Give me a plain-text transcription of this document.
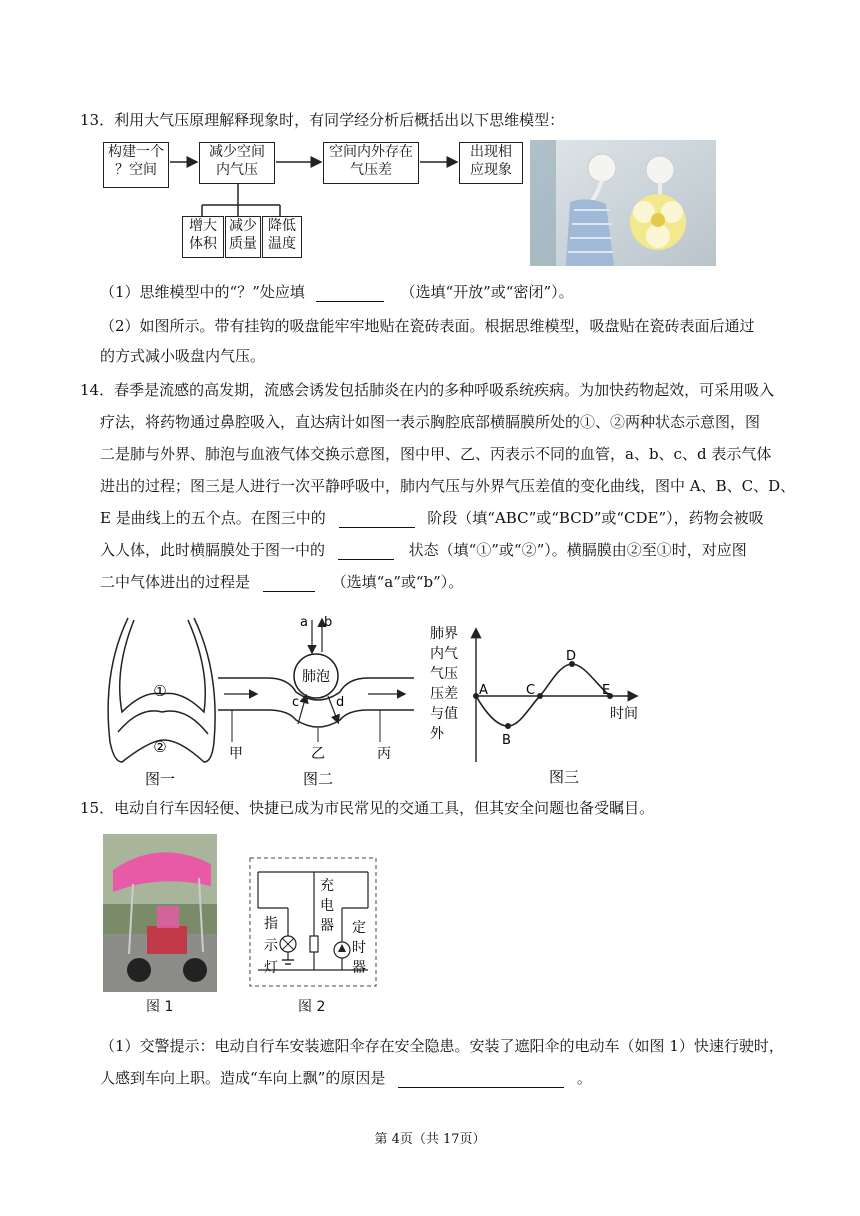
13．利用大气压原理解释现象时，有同学经分析后概括出以下思维模型：
构建一个
？空间
减少空间
内气压
空间内外存在
气压差
出现相
应现象
增大
体积
减少
质量
降低
温度
（1）思维模型中的“？”处应填	（选填“开放”或“密闭”）。
（2）如图所示。带有挂钩的吸盘能牢牢地贴在瓷砖表面。根据思维模型，吸盘贴在瓷砖表面后通过
的方式减小吸盘内气压。
14．春季是流感的高发期，流感会诱发包括肺炎在内的多种呼吸系统疾病。为加快药物起效，可采用吸入
疗法，将药物通过鼻腔吸入，直达病计如图一表示胸腔底部横膈膜所处的①、②两种状态示意图，图
二是肺与外界、肺泡与血液气体交换示意图，图中甲、乙、丙表示不同的血管，a、b、c、d 表示气体
进出的过程；图三是人进行一次平静呼吸中，肺内气压与外界气压差值的变化曲线，图中 A、B、C、D、
E 是曲线上的五个点。在图三中的	阶段（填“ABC”或“BCD”或“CDE”），药物会被吸
入人体，此时横膈膜处于图一中的	状态（填“①”或“②”）。横膈膜由②至①时，对应图
二中气体进出的过程是	（选填“a”或“b”）。
①
②
图一
肺泡
a b
c	d
甲	乙	丙
图二
肺界
内气
气压
压差
与值
外
A
B
C
D
E
时间
图三
15．电动自行车因轻便、快捷已成为市民常见的交通工具，但其安全问题也备受瞩目。
图 1
指
示
灯
充
电
器 定
时
器
图 2
（1）交警提示：电动自行车安装遮阳伞存在安全隐患。安装了遮阳伞的电动车（如图 1）快速行驶时，
人感到车向上职。造成“车向上飘”的原因是	。
第 4页（共 17页）
